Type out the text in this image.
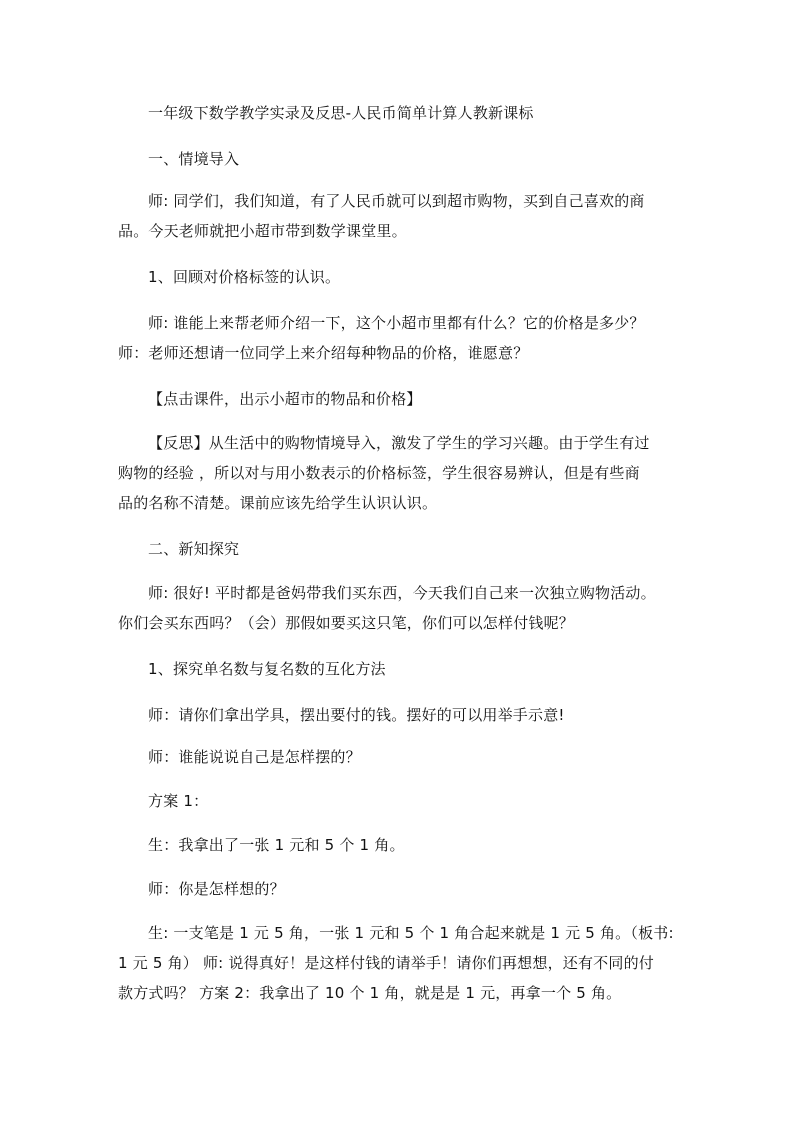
一年级下数学教学实录及反思-人民币简单计算人教新课标
一、情境导入
师: 同学们，我们知道，有了人民币就可以到超市购物，买到自己喜欢的商
品。今天老师就把小超市带到数学课堂里。
1、回顾对价格标签的认识。
师: 谁能上来帮老师介绍一下，这个小超市里都有什么？它的价格是多少？
师：老师还想请一位同学上来介绍每种物品的价格，谁愿意？
【点击课件，出示小超市的物品和价格】
【反思】从生活中的购物情境导入，激发了学生的学习兴趣。由于学生有过
购物的经验 ，所以对与用小数表示的价格标签，学生很容易辨认，但是有些商
品的名称不清楚。课前应该先给学生认识认识。
二、新知探究
师: 很好! 平时都是爸妈带我们买东西，今天我们自己来一次独立购物活动。
你们会买东西吗？（会）那假如要买这只笔，你们可以怎样付钱呢？
1、探究单名数与复名数的互化方法
师：请你们拿出学具，摆出要付的钱。摆好的可以用举手示意!
师：谁能说说自己是怎样摆的？
方案 1：
生：我拿出了一张 1 元和 5 个 1 角。
师：你是怎样想的？
生: 一支笔是 1 元 5 角，一张 1 元和 5 个 1 角合起来就是 1 元 5 角。（板书:
1 元 5 角） 师: 说得真好！是这样付钱的请举手！请你们再想想，还有不同的付
款方式吗？ 方案 2：我拿出了 10 个 1 角，就是是 1 元，再拿一个 5 角。
